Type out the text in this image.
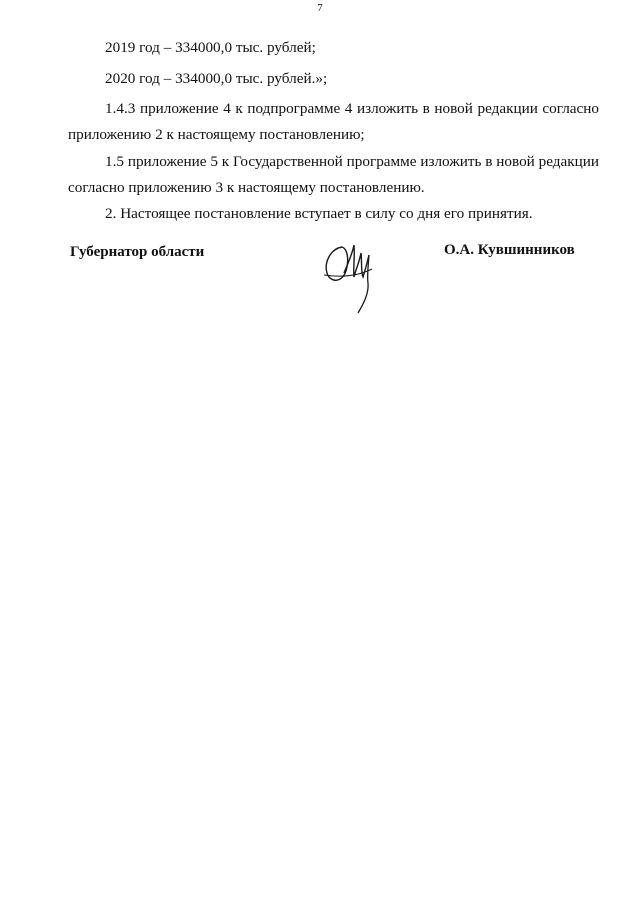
7

2019 год – 334000,0 тыс. рублей;

2020 год – 334000,0 тыс. рублей.»;

1.4.3 приложение 4 к подпрограмме 4 изложить в новой редакции согласно приложению 2 к настоящему постановлению;

1.5 приложение 5 к Государственной программе изложить в новой редакции согласно приложению 3 к настоящему постановлению.

2. Настоящее постановление вступает в силу со дня его принятия.

Губернатор области	О.А. Кувшинников
